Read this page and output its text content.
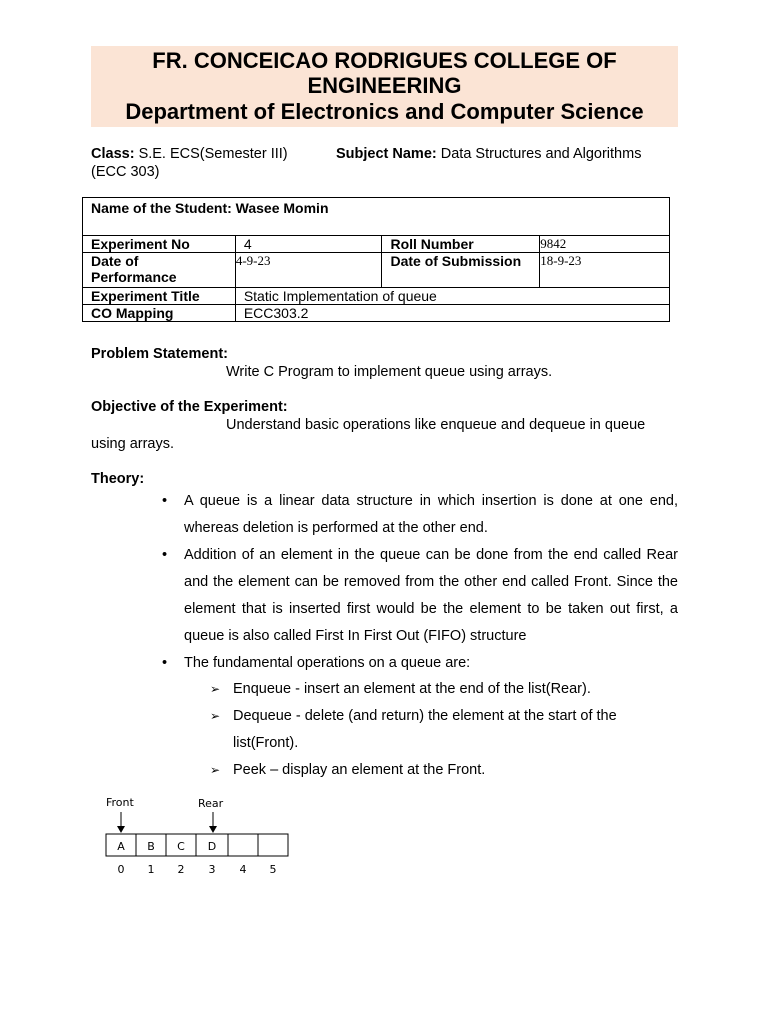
FR. CONCEICAO RODRIGUES COLLEGE OF
ENGINEERING
Department of Electronics and Computer Science
Class: S.E. ECS(Semester III)	Subject Name: Data Structures and Algorithms
(ECC 303)
Name of the Student: Wasee Momin			
Experiment No	4	Roll Number	9842

Date of
Performance	4-9-23	Date of Submission	18-9-23
Experiment Title	Static Implementation of queue		
CO Mapping	ECC303.2		
Problem Statement:
Write C Program to implement queue using arrays.
Objective of the Experiment:
Understand basic operations like enqueue and dequeue in queue
using arrays.
Theory:
• A queue is a linear data structure in which insertion is done at one end, whereas deletion is performed at the other end.
• Addition of an element in the queue can be done from the end called Rear and the element can be removed from the other end called Front. Since the element that is inserted first would be the element to be taken out first, a queue is also called First In First Out (FIFO) structure
• The fundamental operations on a queue are:
➢ Enqueue - insert an element at the end of the list(Rear).
➢ Dequeue - delete (and return) the element at the start of the list(Front).
➢ Peek – display an element at the Front.
Front	Rear
A B C D
0 1 2 3 4 5
